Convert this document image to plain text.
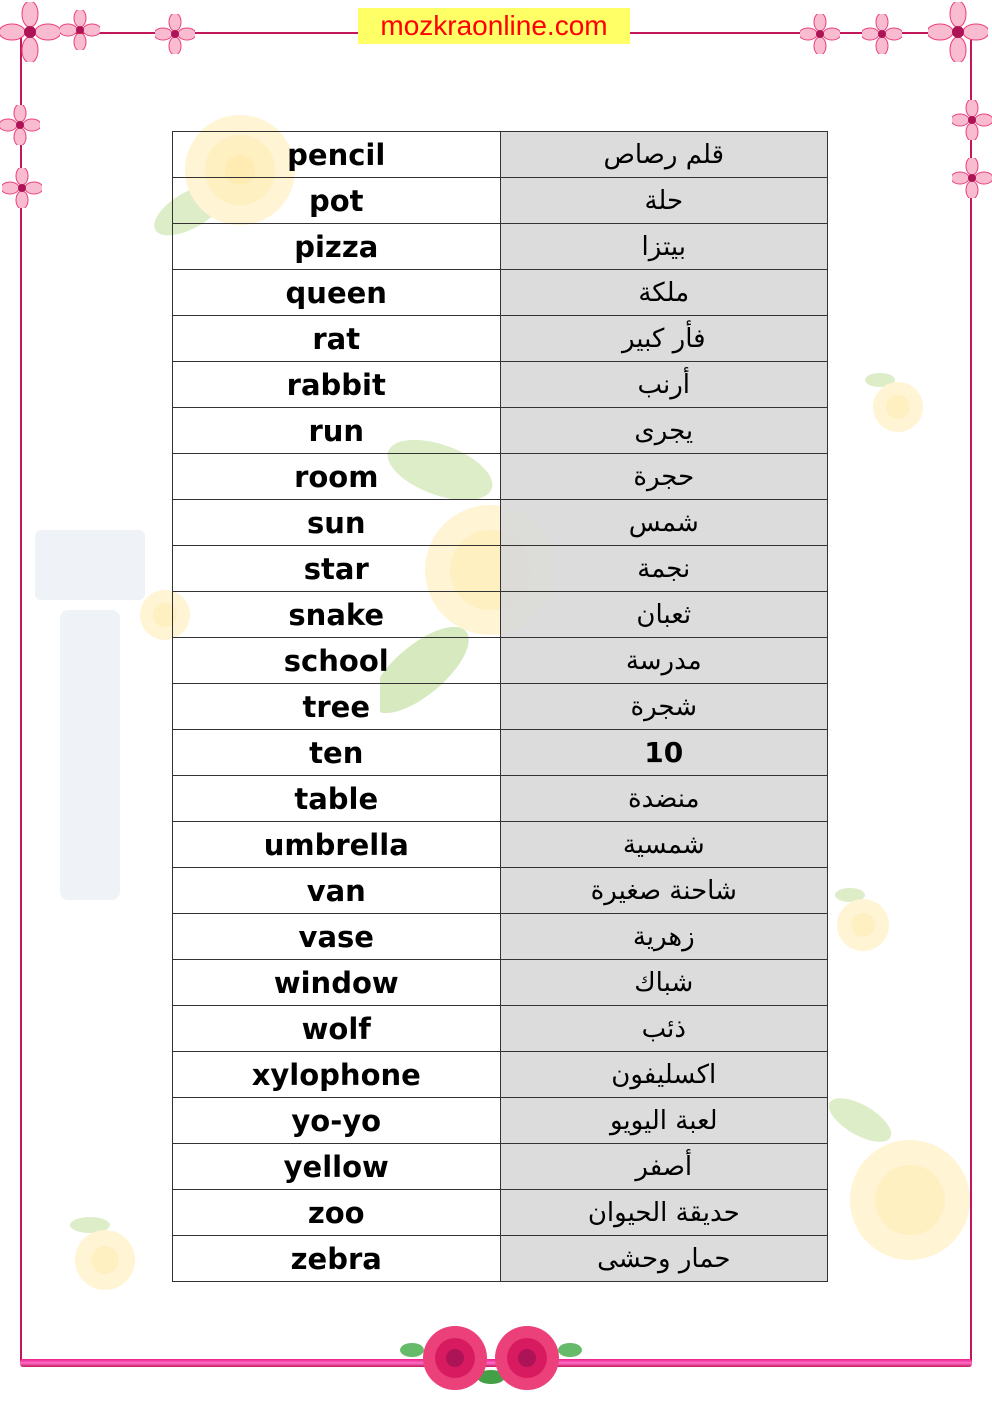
mozkraonline.com
pencil	قلم رصاص
pot	حلة
pizza	بيتزا
queen	ملكة
rat	فأر كبير
rabbit	أرنب
run	يجرى
room	حجرة
sun	شمس
star	نجمة
snake	ثعبان
school	مدرسة
tree	شجرة
ten	10
table	منضدة
umbrella	شمسية
van	شاحنة صغيرة
vase	زهرية
window	شباك
wolf	ذئب
xylophone	اكسليفون
yo-yo	لعبة اليويو
yellow	أصفر
zoo	حديقة الحيوان
zebra	حمار وحشى
